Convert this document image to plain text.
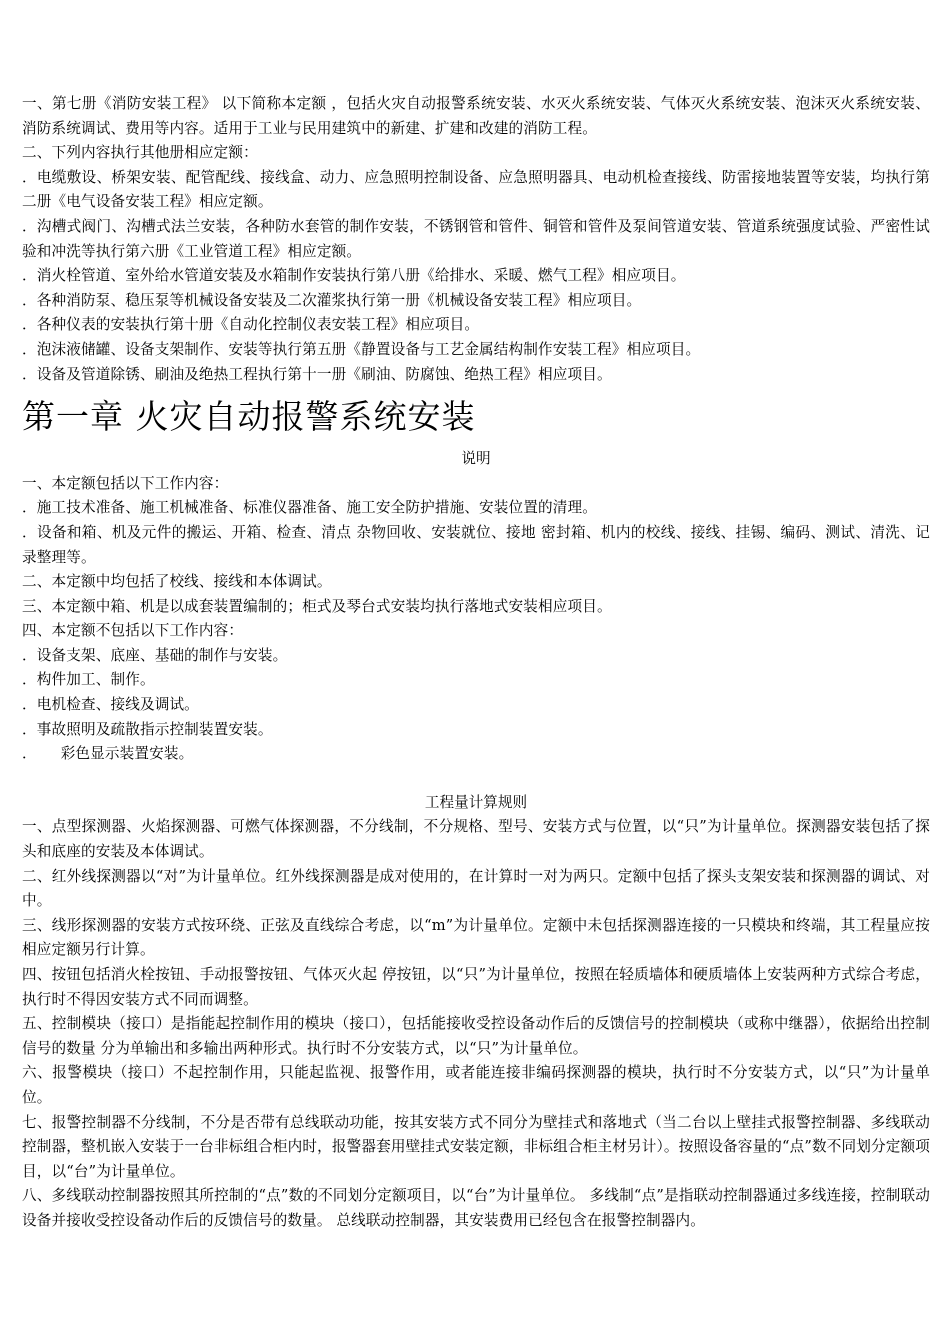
一、第七册《消防安装工程》 以下简称本定额 ，包括火灾自动报警系统安装、水灭火系统安装、气体灭火系统安装、泡沫灭火系统安装、消防系统调试、费用等内容。适用于工业与民用建筑中的新建、扩建和改建的消防工程。

二、下列内容执行其他册相应定额：

．电缆敷设、桥架安装、配管配线、接线盒、动力、应急照明控制设备、应急照明器具、电动机检查接线、防雷接地装置等安装，均执行第二册《电气设备安装工程》相应定额。

．沟槽式阀门、沟槽式法兰安装，各种防水套管的制作安装，不锈钢管和管件、铜管和管件及泵间管道安装、管道系统强度试验、严密性试验和冲洗等执行第六册《工业管道工程》相应定额。

．消火栓管道、室外给水管道安装及水箱制作安装执行第八册《给排水、采暖、燃气工程》相应项目。

．各种消防泵、稳压泵等机械设备安装及二次灌浆执行第一册《机械设备安装工程》相应项目。

．各种仪表的安装执行第十册《自动化控制仪表安装工程》相应项目。

．泡沫液储罐、设备支架制作、安装等执行第五册《静置设备与工艺金属结构制作安装工程》相应项目。

．设备及管道除锈、刷油及绝热工程执行第十一册《刷油、防腐蚀、绝热工程》相应项目。

第一章 火灾自动报警系统安装

说明

一、本定额包括以下工作内容：

．施工技术准备、施工机械准备、标准仪器准备、施工安全防护措施、安装位置的清理。

．设备和箱、机及元件的搬运、开箱、检查、清点 杂物回收、安装就位、接地 密封箱、机内的校线、接线、挂锡、编码、测试、清洗、记录整理等。

二、本定额中均包括了校线、接线和本体调试。

三、本定额中箱、机是以成套装置编制的；柜式及琴台式安装均执行落地式安装相应项目。

四、本定额不包括以下工作内容：

．设备支架、底座、基础的制作与安装。

．构件加工、制作。

．电机检查、接线及调试。

．事故照明及疏散指示控制装置安装。

．     彩色显示装置安装。

工程量计算规则

一、点型探测器、火焰探测器、可燃气体探测器，不分线制，不分规格、型号、安装方式与位置，以“只”为计量单位。探测器安装包括了探头和底座的安装及本体调试。

二、红外线探测器以“对”为计量单位。红外线探测器是成对使用的，在计算时一对为两只。定额中包括了探头支架安装和探测器的调试、对中。

三、线形探测器的安装方式按环绕、正弦及直线综合考虑，以“m”为计量单位。定额中未包括探测器连接的一只模块和终端，其工程量应按相应定额另行计算。

四、按钮包括消火栓按钮、手动报警按钮、气体灭火起 停按钮，以“只”为计量单位，按照在轻质墙体和硬质墙体上安装两种方式综合考虑，执行时不得因安装方式不同而调整。

五、控制模块（接口）是指能起控制作用的模块（接口），包括能接收受控设备动作后的反馈信号的控制模块（或称中继器），依据给出控制信号的数量 分为单输出和多输出两种形式。执行时不分安装方式，以“只”为计量单位。

六、报警模块（接口）不起控制作用，只能起监视、报警作用，或者能连接非编码探测器的模块，执行时不分安装方式，以“只”为计量单位。

七、报警控制器不分线制，不分是否带有总线联动功能，按其安装方式不同分为壁挂式和落地式（当二台以上壁挂式报警控制器、多线联动控制器，整机嵌入安装于一台非标组合柜内时，报警器套用壁挂式安装定额，非标组合柜主材另计）。按照设备容量的“点”数不同划分定额项目，以“台”为计量单位。

八、多线联动控制器按照其所控制的“点”数的不同划分定额项目，以“台”为计量单位。 多线制“点”是指联动控制器通过多线连接，控制联动设备并接收受控设备动作后的反馈信号的数量。 总线联动控制器，其安装费用已经包含在报警控制器内。
